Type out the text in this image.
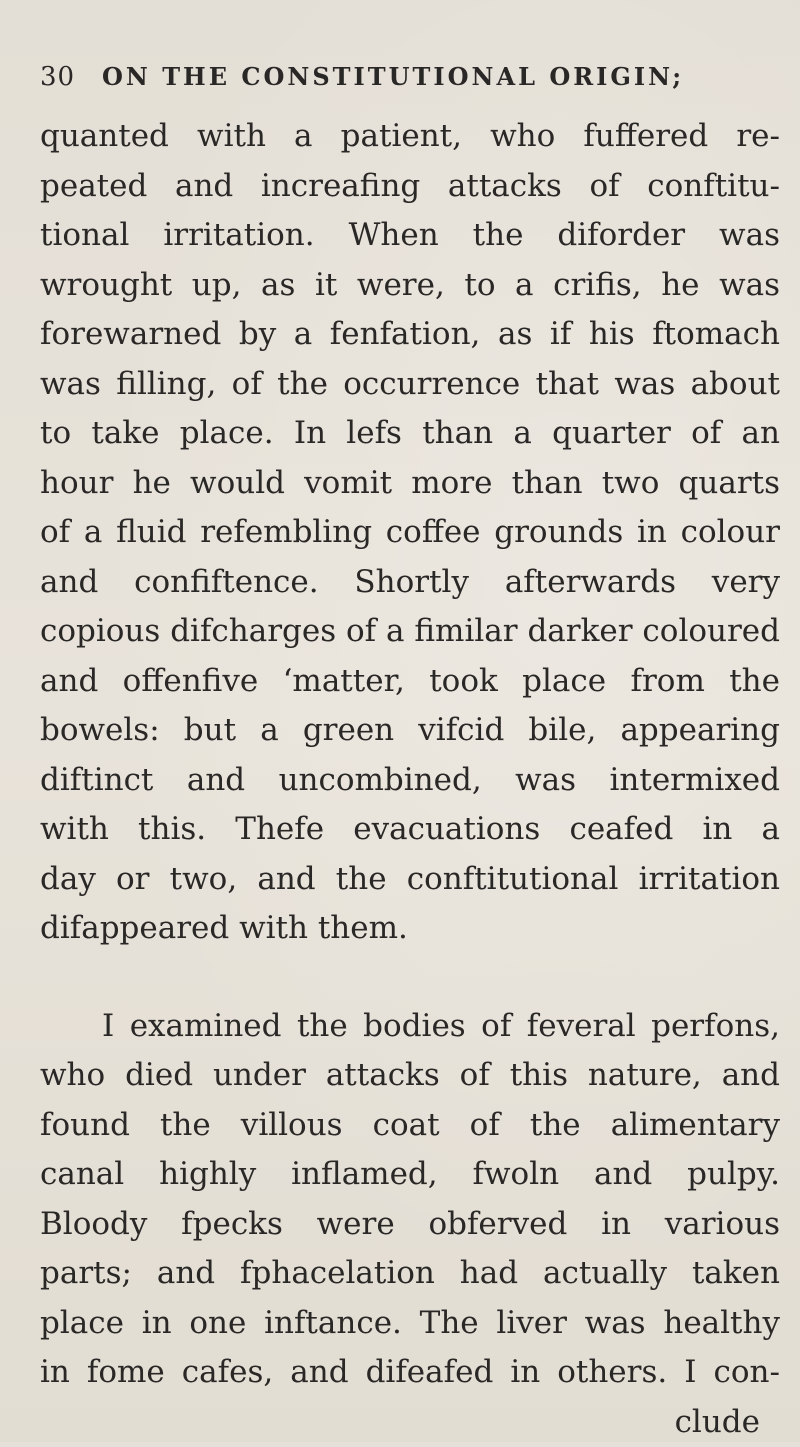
30 ON THE CONSTITUTIONAL ORIGIN;
quanted with a patient, who fuffered re-
peated and increafing attacks of conftitu-
tional irritation. When the diforder was
wrought up, as it were, to a crifis, he was
forewarned by a fenfation, as if his ftomach
was filling, of the occurrence that was about
to take place. In lefs than a quarter of an
hour he would vomit more than two quarts
of a fluid refembling coffee grounds in colour
and confiftence. Shortly afterwards very
copious difcharges of a fimilar darker coloured
and offenfive ‘matter, took place from the
bowels: but a green vifcid bile, appearing
diftinct and uncombined, was intermixed
with this. Thefe evacuations ceafed in a
day or two, and the conftitutional irritation
difappeared with them.
I examined the bodies of feveral perfons,
who died under attacks of this nature, and
found the villous coat of the alimentary
canal highly inflamed, fwoln and pulpy.
Bloody fpecks were obferved in various
parts; and fphacelation had actually taken
place in one inftance. The liver was healthy
in fome cafes, and difeafed in others. I con-
clude
